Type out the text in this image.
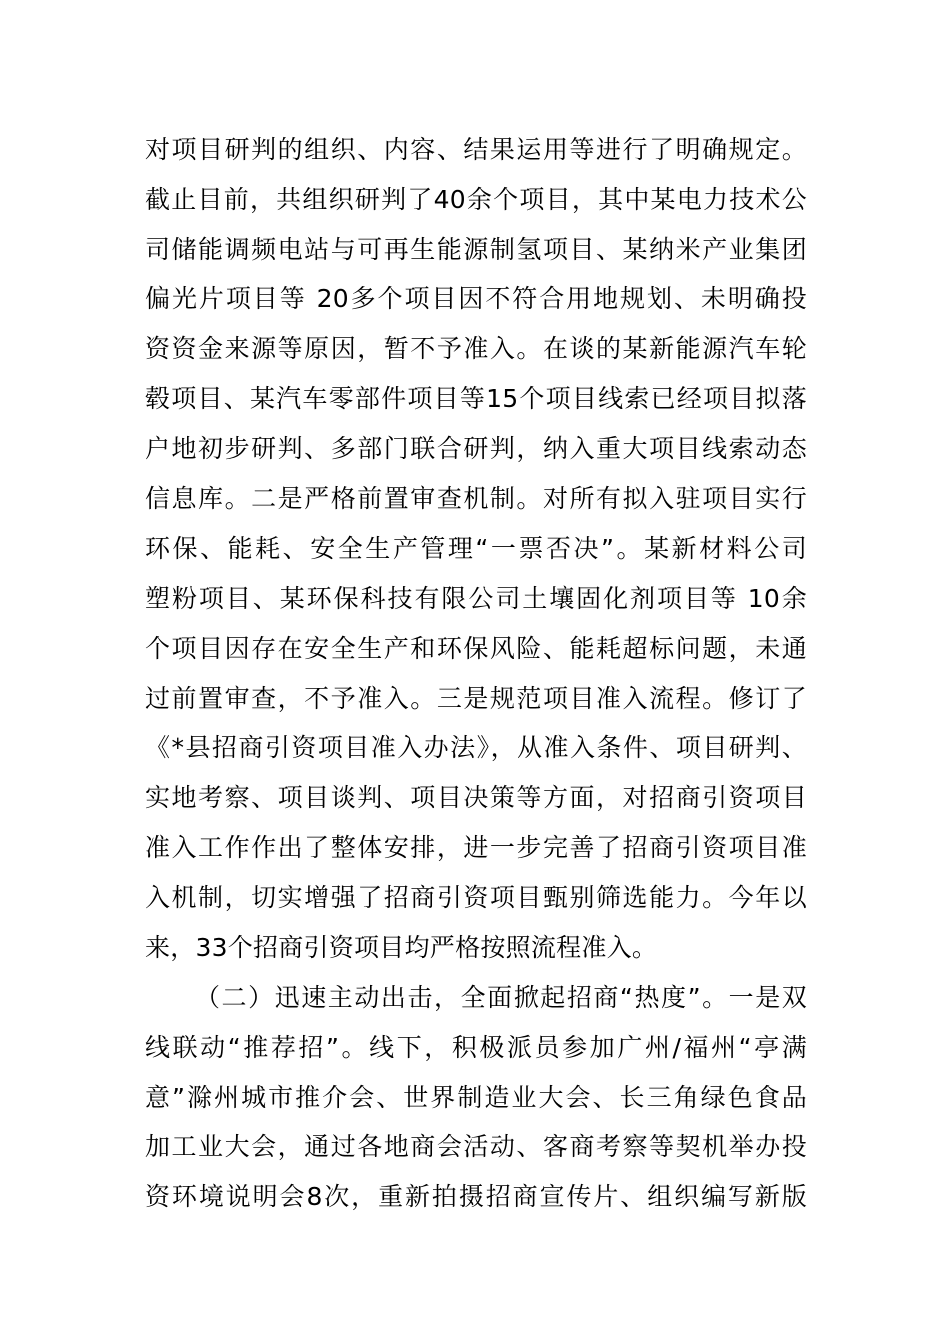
对项目研判的组织、内容、结果运用等进行了明确规定。
截止目前，共组织研判了40余个项目，其中某电力技术公
司储能调频电站与可再生能源制氢项目、某纳米产业集团
偏光片项目等 20多个项目因不符合用地规划、未明确投
资资金来源等原因，暂不予准入。在谈的某新能源汽车轮
毂项目、某汽车零部件项目等15个项目线索已经项目拟落
户地初步研判、多部门联合研判，纳入重大项目线索动态
信息库。二是严格前置审查机制。对所有拟入驻项目实行
环保、能耗、安全生产管理“一票否决”。某新材料公司
塑粉项目、某环保科技有限公司土壤固化剂项目等 10余
个项目因存在安全生产和环保风险、能耗超标问题，未通
过前置审查，不予准入。三是规范项目准入流程。修订了
《*县招商引资项目准入办法》，从准入条件、项目研判、
实地考察、项目谈判、项目决策等方面，对招商引资项目
准入工作作出了整体安排，进一步完善了招商引资项目准
入机制，切实增强了招商引资项目甄别筛选能力。今年以
来，33个招商引资项目均严格按照流程准入。
（二）迅速主动出击，全面掀起招商“热度”。一是双
线联动“推荐招”。线下，积极派员参加广州/福州“亭满
意”滁州城市推介会、世界制造业大会、长三角绿色食品
加工业大会，通过各地商会活动、客商考察等契机举办投
资环境说明会8次，重新拍摄招商宣传片、组织编写新版
